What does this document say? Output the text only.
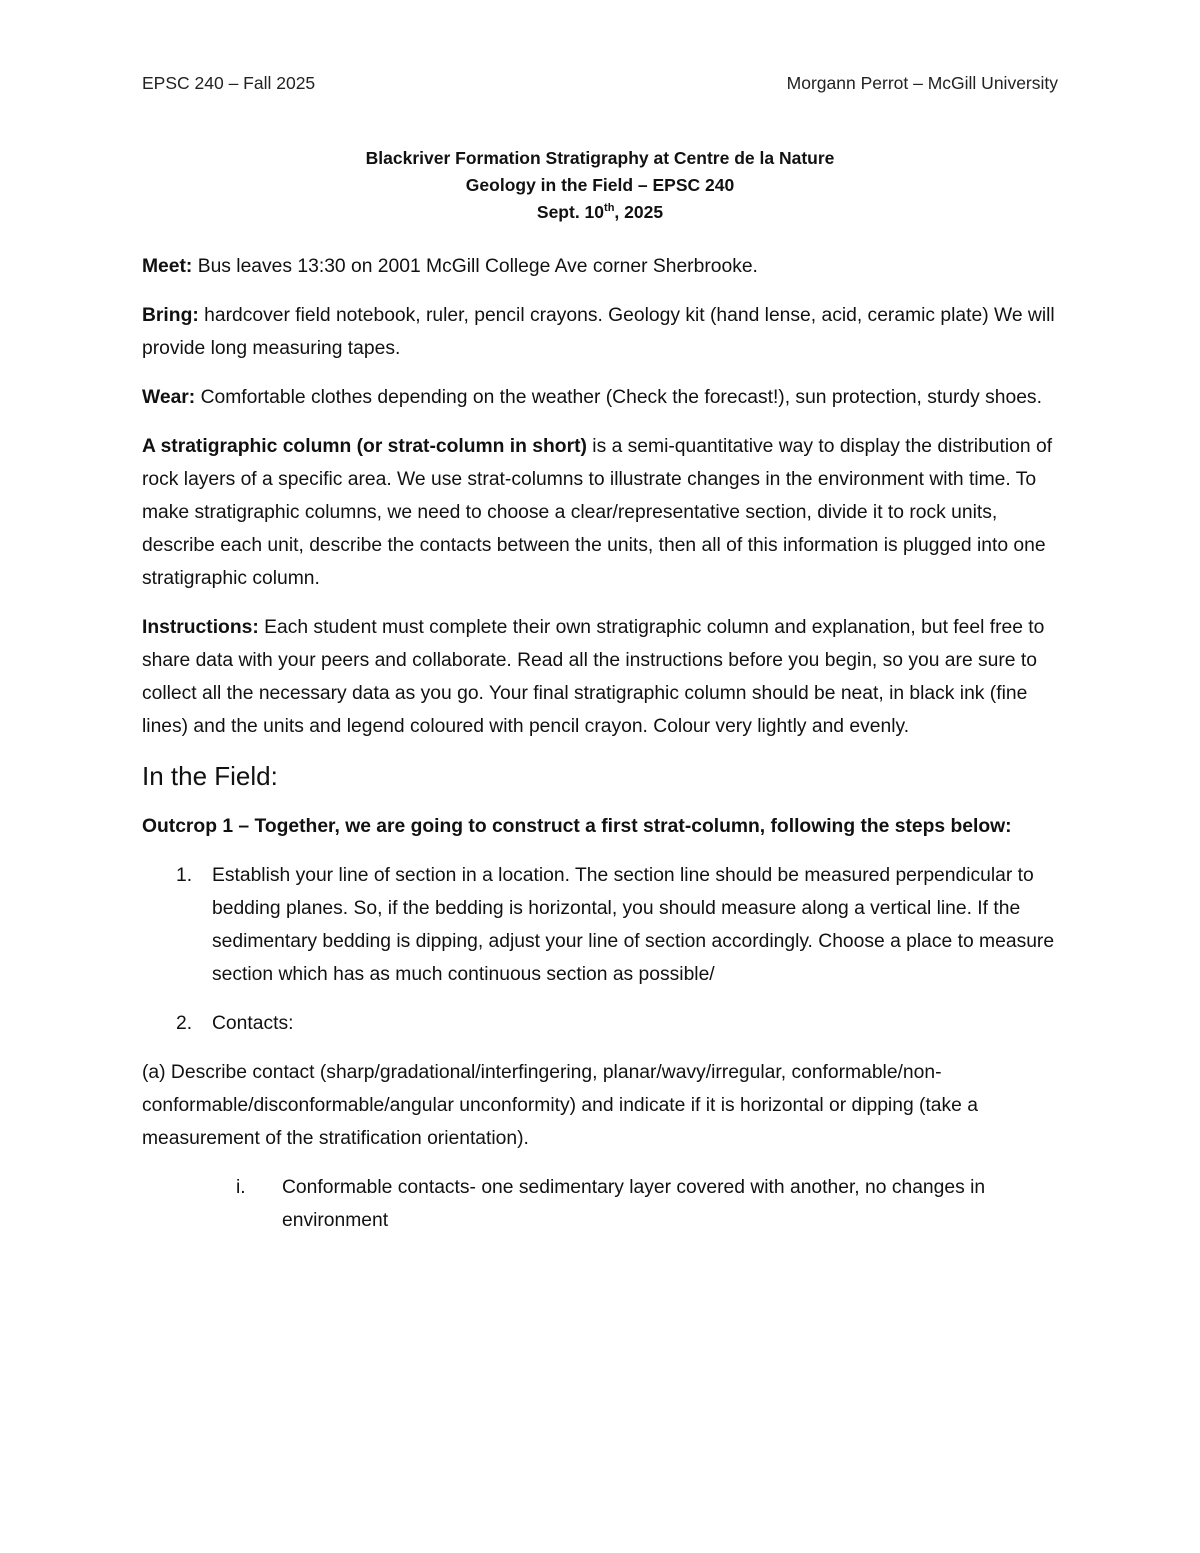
EPSC 240 – Fall 2025	Morgann Perrot – McGill University
Blackriver Formation Stratigraphy at Centre de la Nature
Geology in the Field – EPSC 240
Sept. 10th, 2025

Meet: Bus leaves 13:30 on 2001 McGill College Ave corner Sherbrooke.

Bring: hardcover field notebook, ruler, pencil crayons. Geology kit (hand lense, acid, ceramic plate) We will provide long measuring tapes.

Wear: Comfortable clothes depending on the weather (Check the forecast!), sun protection, sturdy shoes.

A stratigraphic column (or strat-column in short) is a semi-quantitative way to display the distribution of rock layers of a specific area. We use strat-columns to illustrate changes in the environment with time. To make stratigraphic columns, we need to choose a clear/representative section, divide it to rock units, describe each unit, describe the contacts between the units, then all of this information is plugged into one stratigraphic column.

Instructions: Each student must complete their own stratigraphic column and explanation, but feel free to share data with your peers and collaborate. Read all the instructions before you begin, so you are sure to collect all the necessary data as you go. Your final stratigraphic column should be neat, in black ink (fine lines) and the units and legend coloured with pencil crayon. Colour very lightly and evenly.

In the Field:
Outcrop 1 – Together, we are going to construct a first strat-column, following the steps below:
1.	Establish your line of section in a location. The section line should be measured perpendicular to bedding planes. So, if the bedding is horizontal, you should measure along a vertical line. If the sedimentary bedding is dipping, adjust your line of section accordingly. Choose a place to measure section which has as much continuous section as possible/
2.	Contacts:

(a) Describe contact (sharp/gradational/interfingering, planar/wavy/irregular, conformable/non-conformable/disconformable/angular unconformity) and indicate if it is horizontal or dipping (take a measurement of the stratification orientation).

i.	Conformable contacts- one sedimentary layer covered with another, no changes in environment
